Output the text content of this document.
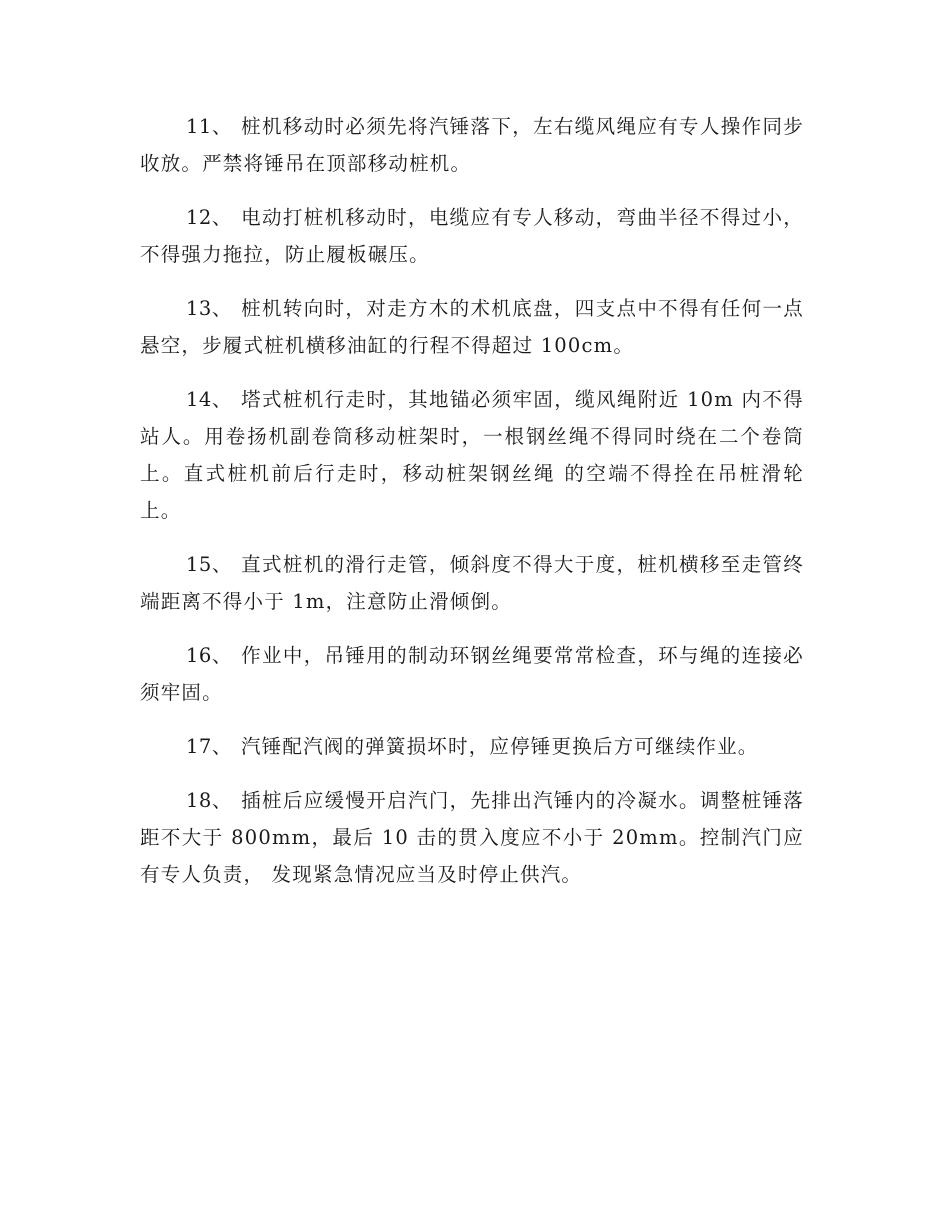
11、 桩机移动时必须先将汽锤落下，左右缆风绳应有专人操作同步收放。严禁将锤吊在顶部移动桩机。

12、 电动打桩机移动时，电缆应有专人移动，弯曲半径不得过小，不得强力拖拉，防止履板碾压。

13、 桩机转向时，对走方木的术机底盘，四支点中不得有任何一点悬空，步履式桩机横移油缸的行程不得超过 100cm。

14、 塔式桩机行走时，其地锚必须牢固，缆风绳附近 10m 内不得站人。用卷扬机副卷筒移动桩架时，一根钢丝绳不得同时绕在二个卷筒上。直式桩机前后行走时，移动桩架钢丝绳 的空端不得拴在吊桩滑轮上。

15、 直式桩机的滑行走管，倾斜度不得大于度，桩机横移至走管终端距离不得小于 1m，注意防止滑倾倒。

16、 作业中，吊锤用的制动环钢丝绳要常常检查，环与绳的连接必须牢固。

17、 汽锤配汽阀的弹簧损坏时，应停锤更换后方可继续作业。

18、 插桩后应缓慢开启汽门，先排出汽锤内的冷凝水。调整桩锤落距不大于 800mm，最后 10 击的贯入度应不小于 20mm。控制汽门应有专人负责， 发现紧急情况应当及时停止供汽。
